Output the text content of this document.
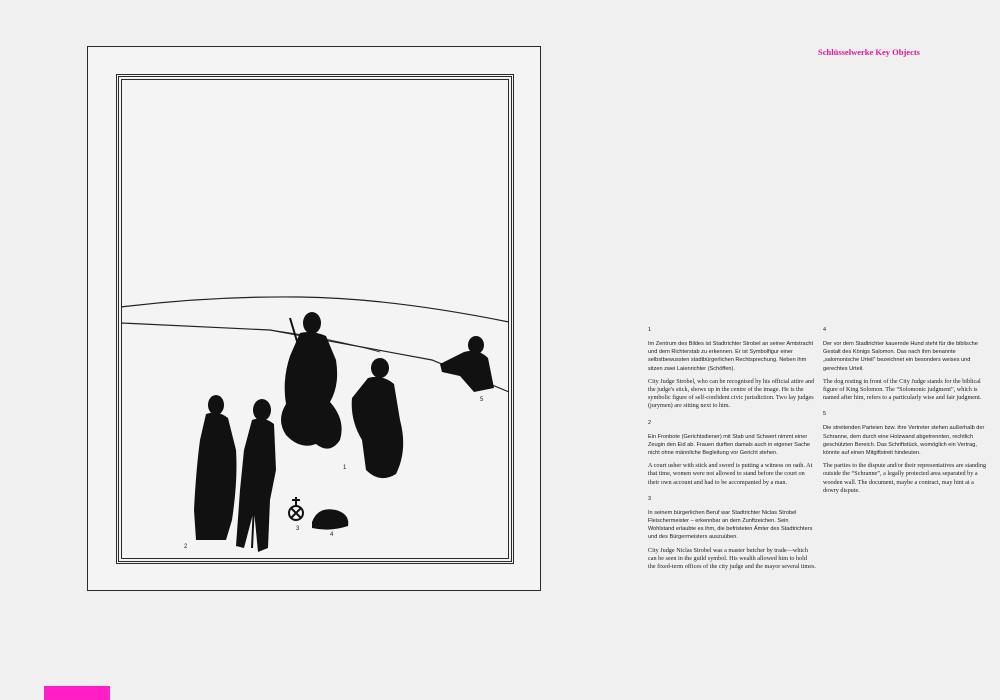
1
2
3
4
5
Schlüsselwerke Key Objects
1

Im Zentrum des Bildes ist Stadtrichter Strobel an seiner Amtstracht und dem Richterstab zu erkennen. Er ist Symbolfigur einer selbstbewussten stadtbürgerlichen Rechtsprechung. Neben ihm sitzen zwei Laienrichter (Schöffen).

City Judge Strobel, who can be recognised by his official attire and the judge's stick, shows up in the centre of the image. He is the symbolic figure of self-confident civic jurisdiction. Two lay judges (jurymen) are sitting next to him.

2

Ein Fronbote (Gerichtsdiener) mit Stab und Schwert nimmt einer Zeugin den Eid ab. Frauen durften damals auch in eigener Sache nicht ohne männliche Begleitung vor Gericht stehen.

A court usher with stick and sword is putting a witness on oath. At that time, women were not allowed to stand before the court on their own account and had to be accompanied by a man.

3

In seinem bürgerlichen Beruf war Stadtrichter Niclas Strobel Fleischermeister – erkennbar an dem Zunftzeichen. Sein Wohlstand erlaubte es ihm, die befristeten Ämter des Stadtrichters und des Bürgermeisters auszuüben.

City Judge Niclas Strobel was a master butcher by trade—which can be seen in the guild symbol. His wealth allowed him to hold the fixed-term offices of the city judge and the mayor several times.

4

Der vor dem Stadtrichter kauernde Hund steht für die biblische Gestalt des Königs Salomon. Das nach ihm benannte „salomonische Urteil“ bezeichnet ein besonders weises und gerechtes Urteil.

The dog resting in front of the City Judge stands for the biblical figure of King Solomon. The “Solomonic judgment”, which is named after him, refers to a particularly wise and fair judgment.

5

Die streitenden Parteien bzw. ihre Vertreter stehen außerhalb der Schranne, dem durch eine Holzwand abgetrennten, rechtlich geschützten Bereich. Das Schriftstück, womöglich ein Vertrag, könnte auf einen Mitgiftstreit hindeuten.

The parties to the dispute and/or their representatives are standing outside the “Schranne”, a legally protected area separated by a wooden wall. The document, maybe a contract, may hint at a dowry dispute.
